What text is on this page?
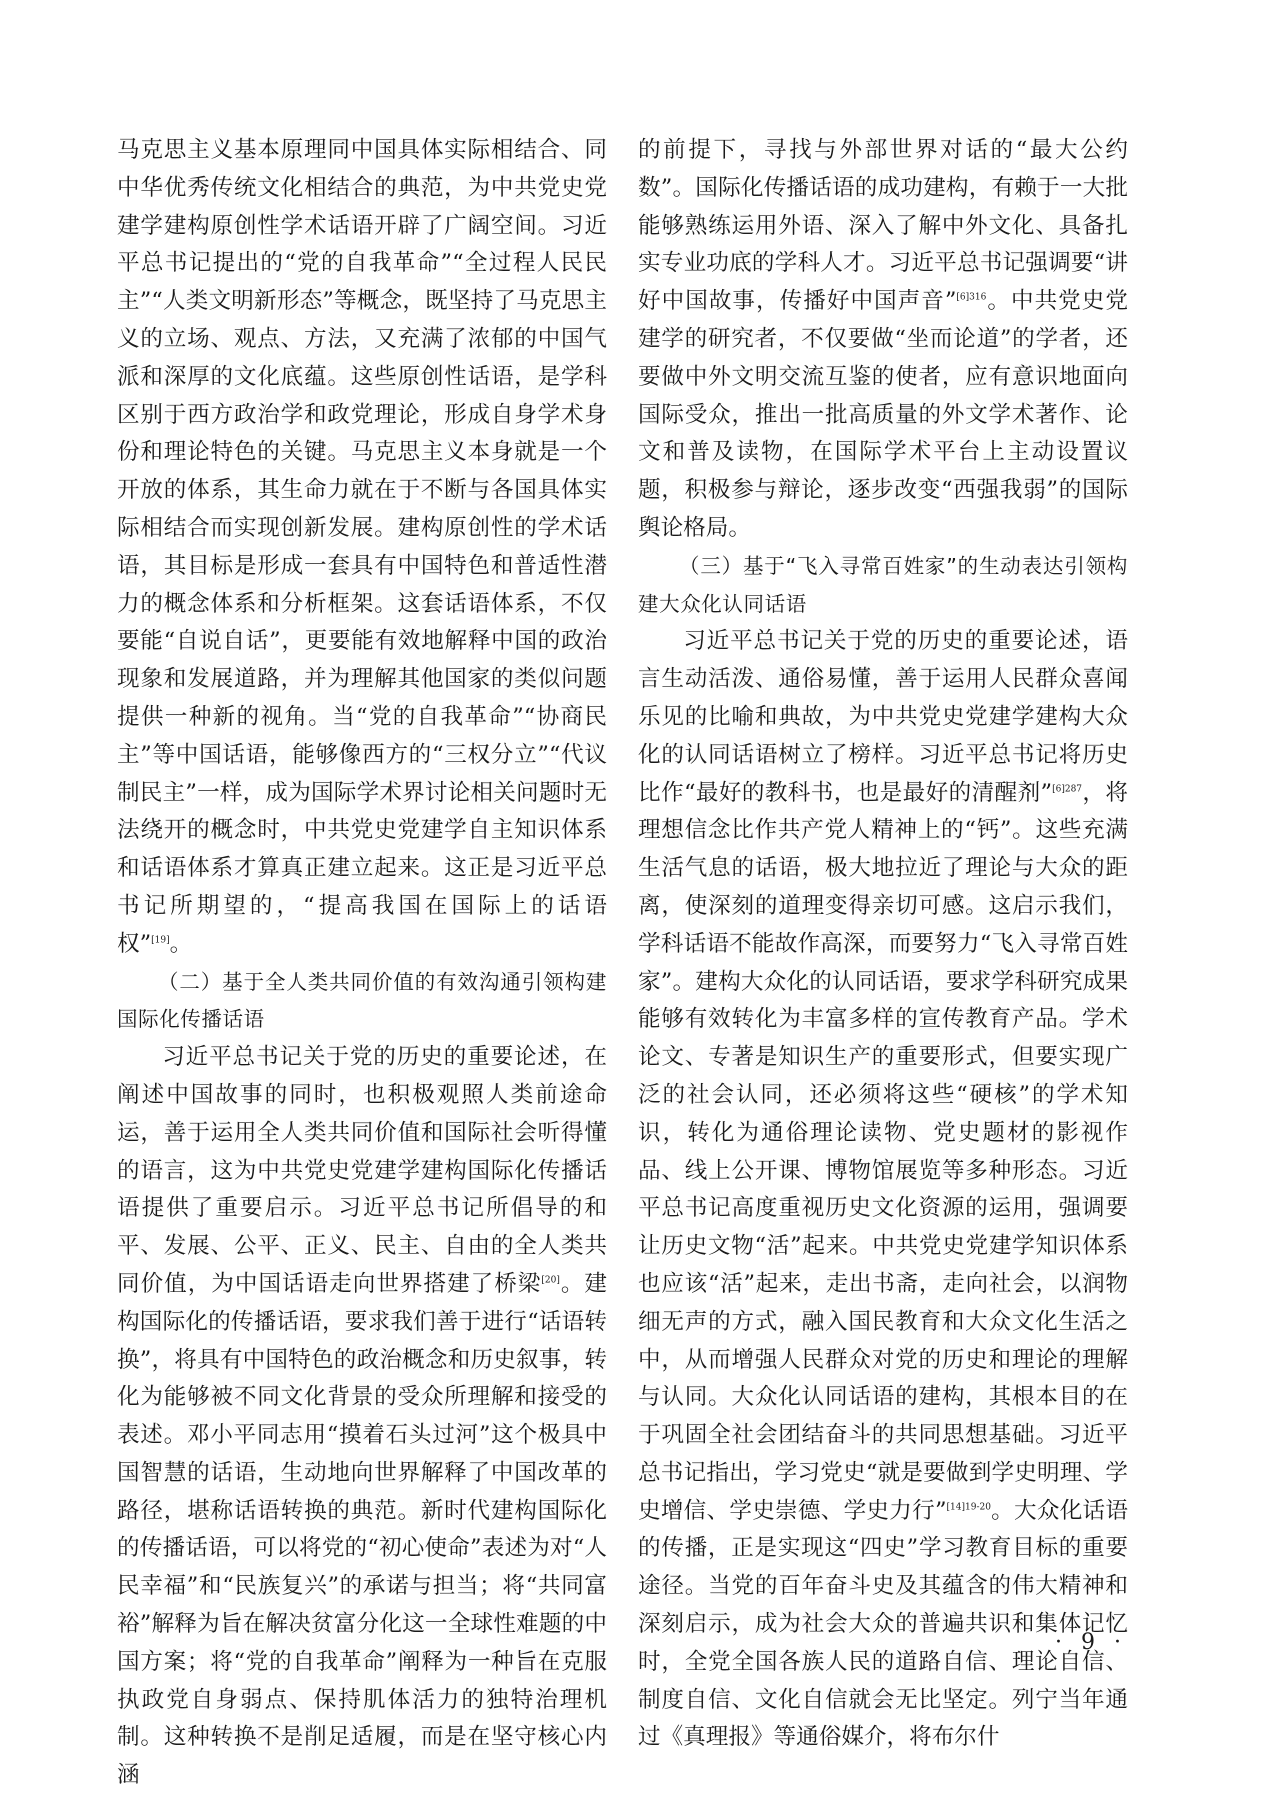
马克思主义基本原理同中国具体实际相结合、同中华优秀传统文化相结合的典范，为中共党史党建学建构原创性学术话语开辟了广阔空间。习近平总书记提出的“党的自我革命”“全过程人民民主”“人类文明新形态”等概念，既坚持了马克思主义的立场、观点、方法，又充满了浓郁的中国气派和深厚的文化底蕴。这些原创性话语，是学科区别于西方政治学和政党理论，形成自身学术身份和理论特色的关键。马克思主义本身就是一个开放的体系，其生命力就在于不断与各国具体实际相结合而实现创新发展。建构原创性的学术话语，其目标是形成一套具有中国特色和普适性潜力的概念体系和分析框架。这套话语体系，不仅要能“自说自话”，更要能有效地解释中国的政治现象和发展道路，并为理解其他国家的类似问题提供一种新的视角。当“党的自我革命”“协商民主”等中国话语，能够像西方的“三权分立”“代议制民主”一样，成为国际学术界讨论相关问题时无法绕开的概念时，中共党史党建学自主知识体系和话语体系才算真正建立起来。这正是习近平总书记所期望的，“提高我国在国际上的话语权”[19]。

（二）基于全人类共同价值的有效沟通引领构建国际化传播话语

习近平总书记关于党的历史的重要论述，在阐述中国故事的同时，也积极观照人类前途命运，善于运用全人类共同价值和国际社会听得懂的语言，这为中共党史党建学建构国际化传播话语提供了重要启示。习近平总书记所倡导的和平、发展、公平、正义、民主、自由的全人类共同价值，为中国话语走向世界搭建了桥梁[20]。建构国际化的传播话语，要求我们善于进行“话语转换”，将具有中国特色的政治概念和历史叙事，转化为能够被不同文化背景的受众所理解和接受的表述。邓小平同志用“摸着石头过河”这个极具中国智慧的话语，生动地向世界解释了中国改革的路径，堪称话语转换的典范。新时代建构国际化的传播话语，可以将党的“初心使命”表述为对“人民幸福”和“民族复兴”的承诺与担当；将“共同富裕”解释为旨在解决贫富分化这一全球性难题的中国方案；将“党的自我革命”阐释为一种旨在克服执政党自身弱点、保持肌体活力的独特治理机制。这种转换不是削足适履，而是在坚守核心内涵

的前提下，寻找与外部世界对话的“最大公约数”。国际化传播话语的成功建构，有赖于一大批能够熟练运用外语、深入了解中外文化、具备扎实专业功底的学科人才。习近平总书记强调要“讲好中国故事，传播好中国声音”$^{[6]316}$。中共党史党建学的研究者，不仅要做“坐而论道”的学者，还要做中外文明交流互鉴的使者，应有意识地面向国际受众，推出一批高质量的外文学术著作、论文和普及读物，在国际学术平台上主动设置议题，积极参与辩论，逐步改变“西强我弱”的国际舆论格局。

（三）基于“飞入寻常百姓家”的生动表达引领构建大众化认同话语

习近平总书记关于党的历史的重要论述，语言生动活泼、通俗易懂，善于运用人民群众喜闻乐见的比喻和典故，为中共党史党建学建构大众化的认同话语树立了榜样。习近平总书记将历史比作“最好的教科书，也是最好的清醒剂”$^{[6]287}$，将理想信念比作共产党人精神上的“钙”。这些充满生活气息的话语，极大地拉近了理论与大众的距离，使深刻的道理变得亲切可感。这启示我们，学科话语不能故作高深，而要努力“飞入寻常百姓家”。建构大众化的认同话语，要求学科研究成果能够有效转化为丰富多样的宣传教育产品。学术论文、专著是知识生产的重要形式，但要实现广泛的社会认同，还必须将这些“硬核”的学术知识，转化为通俗理论读物、党史题材的影视作品、线上公开课、博物馆展览等多种形态。习近平总书记高度重视历史文化资源的运用，强调要让历史文物“活”起来。中共党史党建学知识体系也应该“活”起来，走出书斋，走向社会，以润物细无声的方式，融入国民教育和大众文化生活之中，从而增强人民群众对党的历史和理论的理解与认同。大众化认同话语的建构，其根本目的在于巩固全社会团结奋斗的共同思想基础。习近平总书记指出，学习党史“就是要做到学史明理、学史增信、学史崇德、学史力行”$^{[14]19-20}$。大众化话语的传播，正是实现这“四史”学习教育目标的重要途径。当党的百年奋斗史及其蕴含的伟大精神和深刻启示，成为社会大众的普遍共识和集体记忆时，全党全国各族人民的道路自信、理论自信、制度自信、文化自信就会无比坚定。列宁当年通过《真理报》等通俗媒介，将布尔什

· 9 ·
